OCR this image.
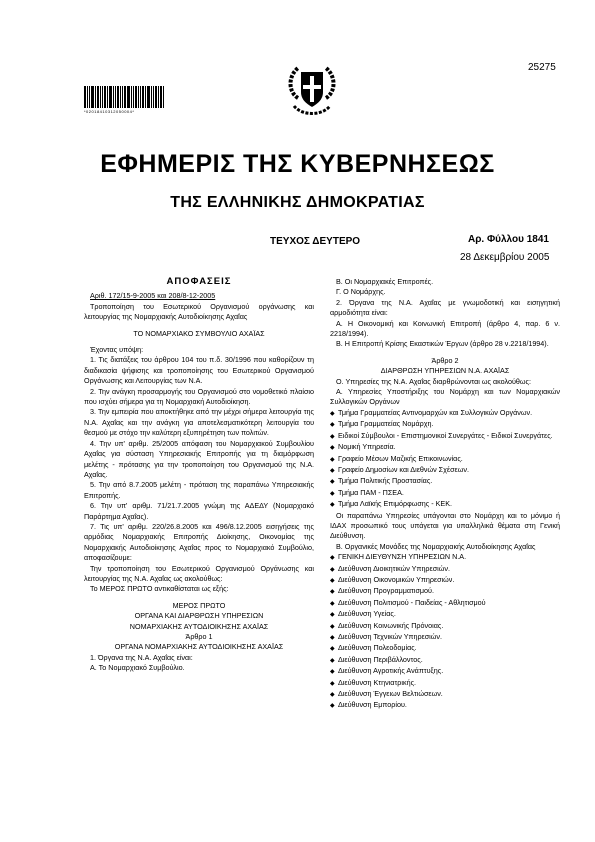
25275
*02018410312050004*
ΕΦΗΜΕΡΙΣ ΤΗΣ ΚΥΒΕΡΝΗΣΕΩΣ
ΤΗΣ ΕΛΛΗΝΙΚΗΣ ΔΗΜΟΚΡΑΤΙΑΣ
ΤΕΥΧΟΣ ΔΕΥΤΕΡΟ	Αρ. Φύλλου 1841
28 Δεκεμβρίου 2005
ΑΠΟΦΑΣΕΙΣ

Αριθ. 172/15-9-2005 και 208/8-12-2005

Τροποποίηση του Εσωτερικού Οργανισμού οργάνωσης και λειτουργίας της Νομαρχιακής Αυτοδιοίκησης Αχαΐας

ΤΟ ΝΟΜΑΡΧΙΑΚΟ ΣΥΜΒΟΥΛΙΟ ΑΧΑΪΑΣ

Έχοντας υπόψη:

1. Τις διατάξεις του άρθρου 104 του π.δ. 30/1996 που καθορίζουν τη διαδικασία ψήφισης και τροποποίησης του Εσωτερικού Οργανισμού Οργάνωσης και Λειτουργίας των Ν.Α.

2. Την ανάγκη προσαρμογής του Οργανισμού στο νομοθετικό πλαίσιο που ισχύει σήμερα για τη Νομαρχιακή Αυτοδιοίκηση.

3. Την εμπειρία που αποκτήθηκε από την μέχρι σήμερα λειτουργία της Ν.Α. Αχαΐας και την ανάγκη για αποτελεσματικότερη λειτουργία του θεσμού με στόχο την καλύτερη εξυπηρέτηση των πολιτών.

4. Την υπ' αριθμ. 25/2005 απόφαση του Νομαρχιακού Συμβουλίου Αχαΐας για σύσταση Υπηρεσιακής Επιτροπής για τη διαμόρφωση μελέτης - πρότασης για την τροποποίηση του Οργανισμού της Ν.Α. Αχαΐας.

5. Την από 8.7.2005 μελέτη - πρόταση της παραπάνω Υπηρεσιακής Επιτροπής.

6. Την υπ' αριθμ. 71/21.7.2005 γνώμη της ΑΔΕΔΥ (Νομαρχιακό Παράρτημα Αχαΐας).

7. Τις υπ' αριθμ. 220/26.8.2005 και 496/8.12.2005 εισηγήσεις της αρμόδιας Νομαρχιακής Επιτροπής Διοίκησης, Οικονομίας της Νομαρχιακής Αυτοδιοίκησης Αχαΐας προς το Νομαρχιακό Συμβούλιο, αποφασίζουμε:

Την τροποποίηση του Εσωτερικού Οργανισμού Οργάνωσης και λειτουργίας της Ν.Α. Αχαΐας ως ακολούθως:

Το ΜΕΡΟΣ ΠΡΩΤΟ αντικαθίσταται ως εξής:

ΜΕΡΟΣ ΠΡΩΤΟ

ΟΡΓΑΝΑ ΚΑΙ ΔΙΑΡΘΡΩΣΗ ΥΠΗΡΕΣΙΩΝ

ΝΟΜΑΡΧΙΑΚΗΣ ΑΥΤΟΔΙΟΙΚΗΣΗΣ ΑΧΑΪΑΣ

Άρθρο 1

ΟΡΓΑΝΑ ΝΟΜΑΡΧΙΑΚΗΣ ΑΥΤΟΔΙΟΙΚΗΣΗΣ ΑΧΑΪΑΣ

1. Όργανα της Ν.Α. Αχαΐας είναι:

Α. Το Νομαρχιακό Συμβούλιο.

Β. Οι Νομαρχιακές Επιτροπές.

Γ. Ο Νομάρχης.

2. Όργανα της Ν.Α. Αχαΐας με γνωμοδοτική και εισηγητική αρμοδιότητα είναι:

Α. Η Οικονομική και Κοινωνική Επιτροπή (άρθρο 4, παρ. 6 ν. 2218/1994).

Β. Η Επιτροπή Κρίσης Εκαστικών Έργων (άρθρο 28 ν.2218/1994).

Άρθρο 2

ΔΙΑΡΘΡΩΣΗ ΥΠΗΡΕΣΙΩΝ Ν.Α. ΑΧΑΪΑΣ

Ο. Υπηρεσίες της Ν.Α. Αχαΐας διαρθρώνονται ως ακολούθως:

Α. Υπηρεσίες Υποστήριξης του Νομάρχη και των Νομαρχιακών Συλλογικών Οργάνων

◆ Τμήμα Γραμματείας Αντινομαρχών και Συλλογικών Οργάνων.

◆ Τμήμα Γραμματείας Νομάρχη.

◆ Ειδικοί Σύμβουλοι - Επιστημονικοί Συνεργάτες - Ειδικοί Συνεργάτες.

◆ Νομική Υπηρεσία.

◆ Γραφείο Μέσων Μαζικής Επικοινωνίας.

◆ Γραφείο Δημοσίων και Διεθνών Σχέσεων.

◆ Τμήμα Πολιτικής Προστασίας.

◆ Τμήμα ΠΑΜ - ΠΣΕΑ.

◆ Τμήμα Λαϊκής Επιμόρφωσης - ΚΕΚ.

Οι παραπάνω Υπηρεσίες υπάγονται στο Νομάρχη και το μόνιμο ή ΙΔΑΧ προσωπικό τους υπάγεται για υπαλληλικά θέματα στη Γενική Διεύθυνση.

Β. Οργανικές Μονάδες της Νομαρχιακής Αυτοδιοίκησης Αχαΐας

◆ ΓΕΝΙΚΗ ΔΙΕΥΘΥΝΣΗ ΥΠΗΡΕΣΙΩΝ Ν.Α.

◆ Διεύθυνση Διοικητικών Υπηρεσιών.

◆ Διεύθυνση Οικονομικών Υπηρεσιών.

◆ Διεύθυνση Προγραμματισμού.

◆ Διεύθυνση Πολιτισμού - Παιδείας - Αθλητισμού

◆ Διεύθυνση Υγείας.

◆ Διεύθυνση Κοινωνικής Πρόνοιας.

◆ Διεύθυνση Τεχνικών Υπηρεσιών.

◆ Διεύθυνση Πολεοδομίας.

◆ Διεύθυνση Περιβάλλοντος.

◆ Διεύθυνση Αγροτικής Ανάπτυξης.

◆ Διεύθυνση Κτηνιατρικής.

◆ Διεύθυνση Έγγειων Βελτιώσεων.

◆ Διεύθυνση Εμπορίου.
